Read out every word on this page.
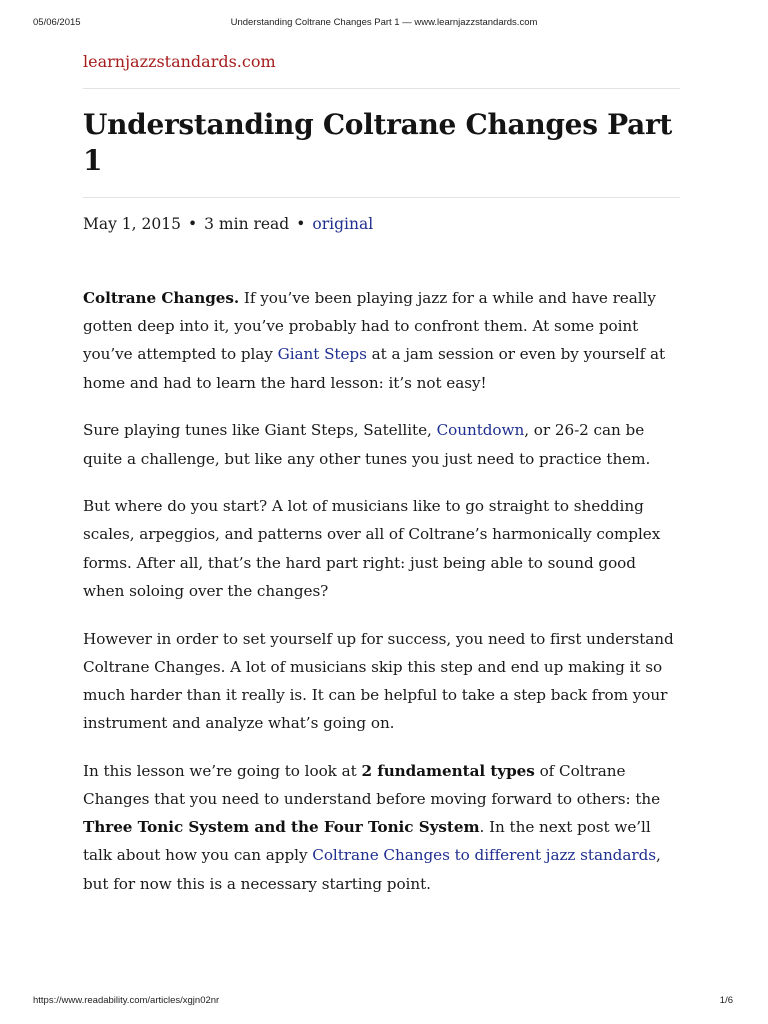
05/06/2015	Understanding Coltrane Changes Part 1 — www.learnjazzstandards.com
learnjazzstandards.com
Understanding Coltrane Changes Part 1
May 1, 2015 • 3 min read • original

Coltrane Changes. If you’ve been playing jazz for a while and have really gotten deep into it, you’ve probably had to confront them. At some point you’ve attempted to play Giant Steps at a jam session or even by yourself at home and had to learn the hard lesson: it’s not easy!

Sure playing tunes like Giant Steps, Satellite, Countdown, or 26-2 can be quite a challenge, but like any other tunes you just need to practice them.

But where do you start? A lot of musicians like to go straight to shedding scales, arpeggios, and patterns over all of Coltrane’s harmonically complex forms. After all, that’s the hard part right: just being able to sound good when soloing over the changes?

However in order to set yourself up for success, you need to first understand Coltrane Changes. A lot of musicians skip this step and end up making it so much harder than it really is. It can be helpful to take a step back from your instrument and analyze what’s going on.

In this lesson we’re going to look at 2 fundamental types of Coltrane Changes that you need to understand before moving forward to others: the Three Tonic System and the Four Tonic System. In the next post we’ll talk about how you can apply Coltrane Changes to different jazz standards, but for now this is a necessary starting point.

https://www.readability.com/articles/xgjn02nr	1/6
